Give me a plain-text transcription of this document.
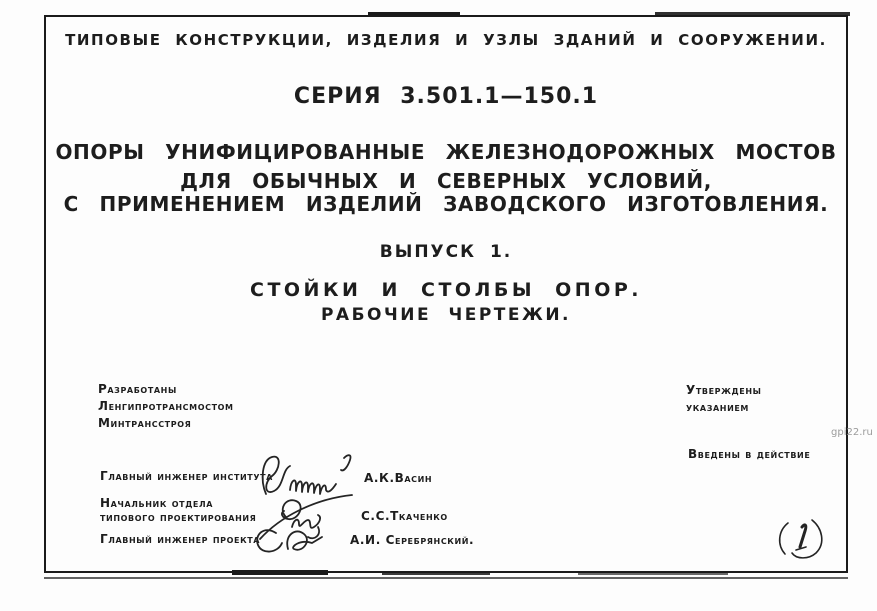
ТИПОВЫЕ КОНСТРУКЦИИ, ИЗДЕЛИЯ И УЗЛЫ ЗДАНИЙ И СООРУЖЕНИИ.
СЕРИЯ 3.501.1—150.1
ОПОРЫ УНИФИЦИРОВАННЫЕ ЖЕЛЕЗНОДОРОЖНЫХ МОСТОВ
ДЛЯ ОБЫЧНЫХ И СЕВЕРНЫХ УСЛОВИЙ,
С ПРИМЕНЕНИЕМ ИЗДЕЛИЙ ЗАВОДСКОГО ИЗГОТОВЛЕНИЯ.
ВЫПУСК 1.
СТОЙКИ И СТОЛБЫ ОПОР.
РАБОЧИЕ ЧЕРТЕЖИ.
Разработаны
Ленгипротрансмостом
Минтрансстроя
Утверждены
указанием
Введены в действие
Главный инженер института	А.К.Васин
Начальник отдела
типового проектирования	С.С.Ткаченко
Главный инженер проекта	А.И. Серебрянский.
gpi22.ru
